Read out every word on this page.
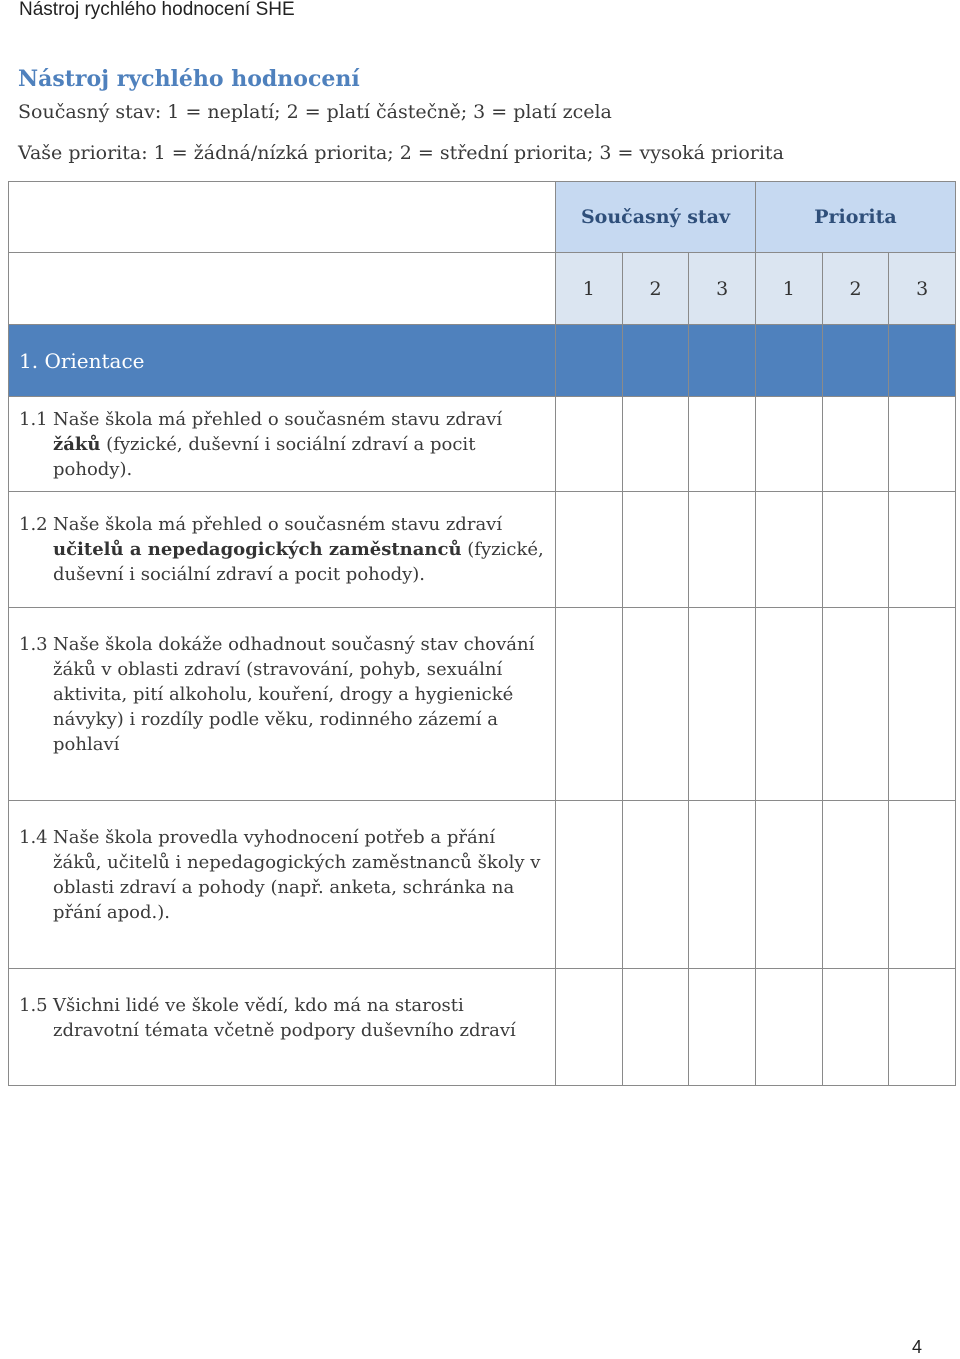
Nástroj rychlého hodnocení SHE
Nástroj rychlého hodnocení
Současný stav: 1 = neplatí; 2 = platí částečně; 3 = platí zcela
Vaše priorita: 1 = žádná/nízká priorita; 2 = střední priorita; 3 = vysoká priorita
	Současný stav			Priorita		
	1	2	3	1	2	3
1. Orientace						

1.1 Naše škola má přehled o současném stavu zdraví žáků (fyzické, duševní i sociální zdraví a pocit pohody).						

1.2 Naše škola má přehled o současném stavu zdraví učitelů a nepedagogických zaměstnanců (fyzické, duševní i sociální zdraví a pocit pohody).						

1.3 Naše škola dokáže odhadnout současný stav chování žáků v oblasti zdraví (stravování, pohyb, sexuální aktivita, pití alkoholu, kouření, drogy a hygienické návyky) i rozdíly podle věku, rodinného zázemí a pohlaví						

1.4 Naše škola provedla vyhodnocení potřeb a přání žáků, učitelů i nepedagogických zaměstnanců školy v oblasti zdraví a pohody (např. anketa, schránka na přání apod.).						

1.5 Všichni lidé ve škole vědí, kdo má na starosti zdravotní témata včetně podpory duševního zdraví						

4
